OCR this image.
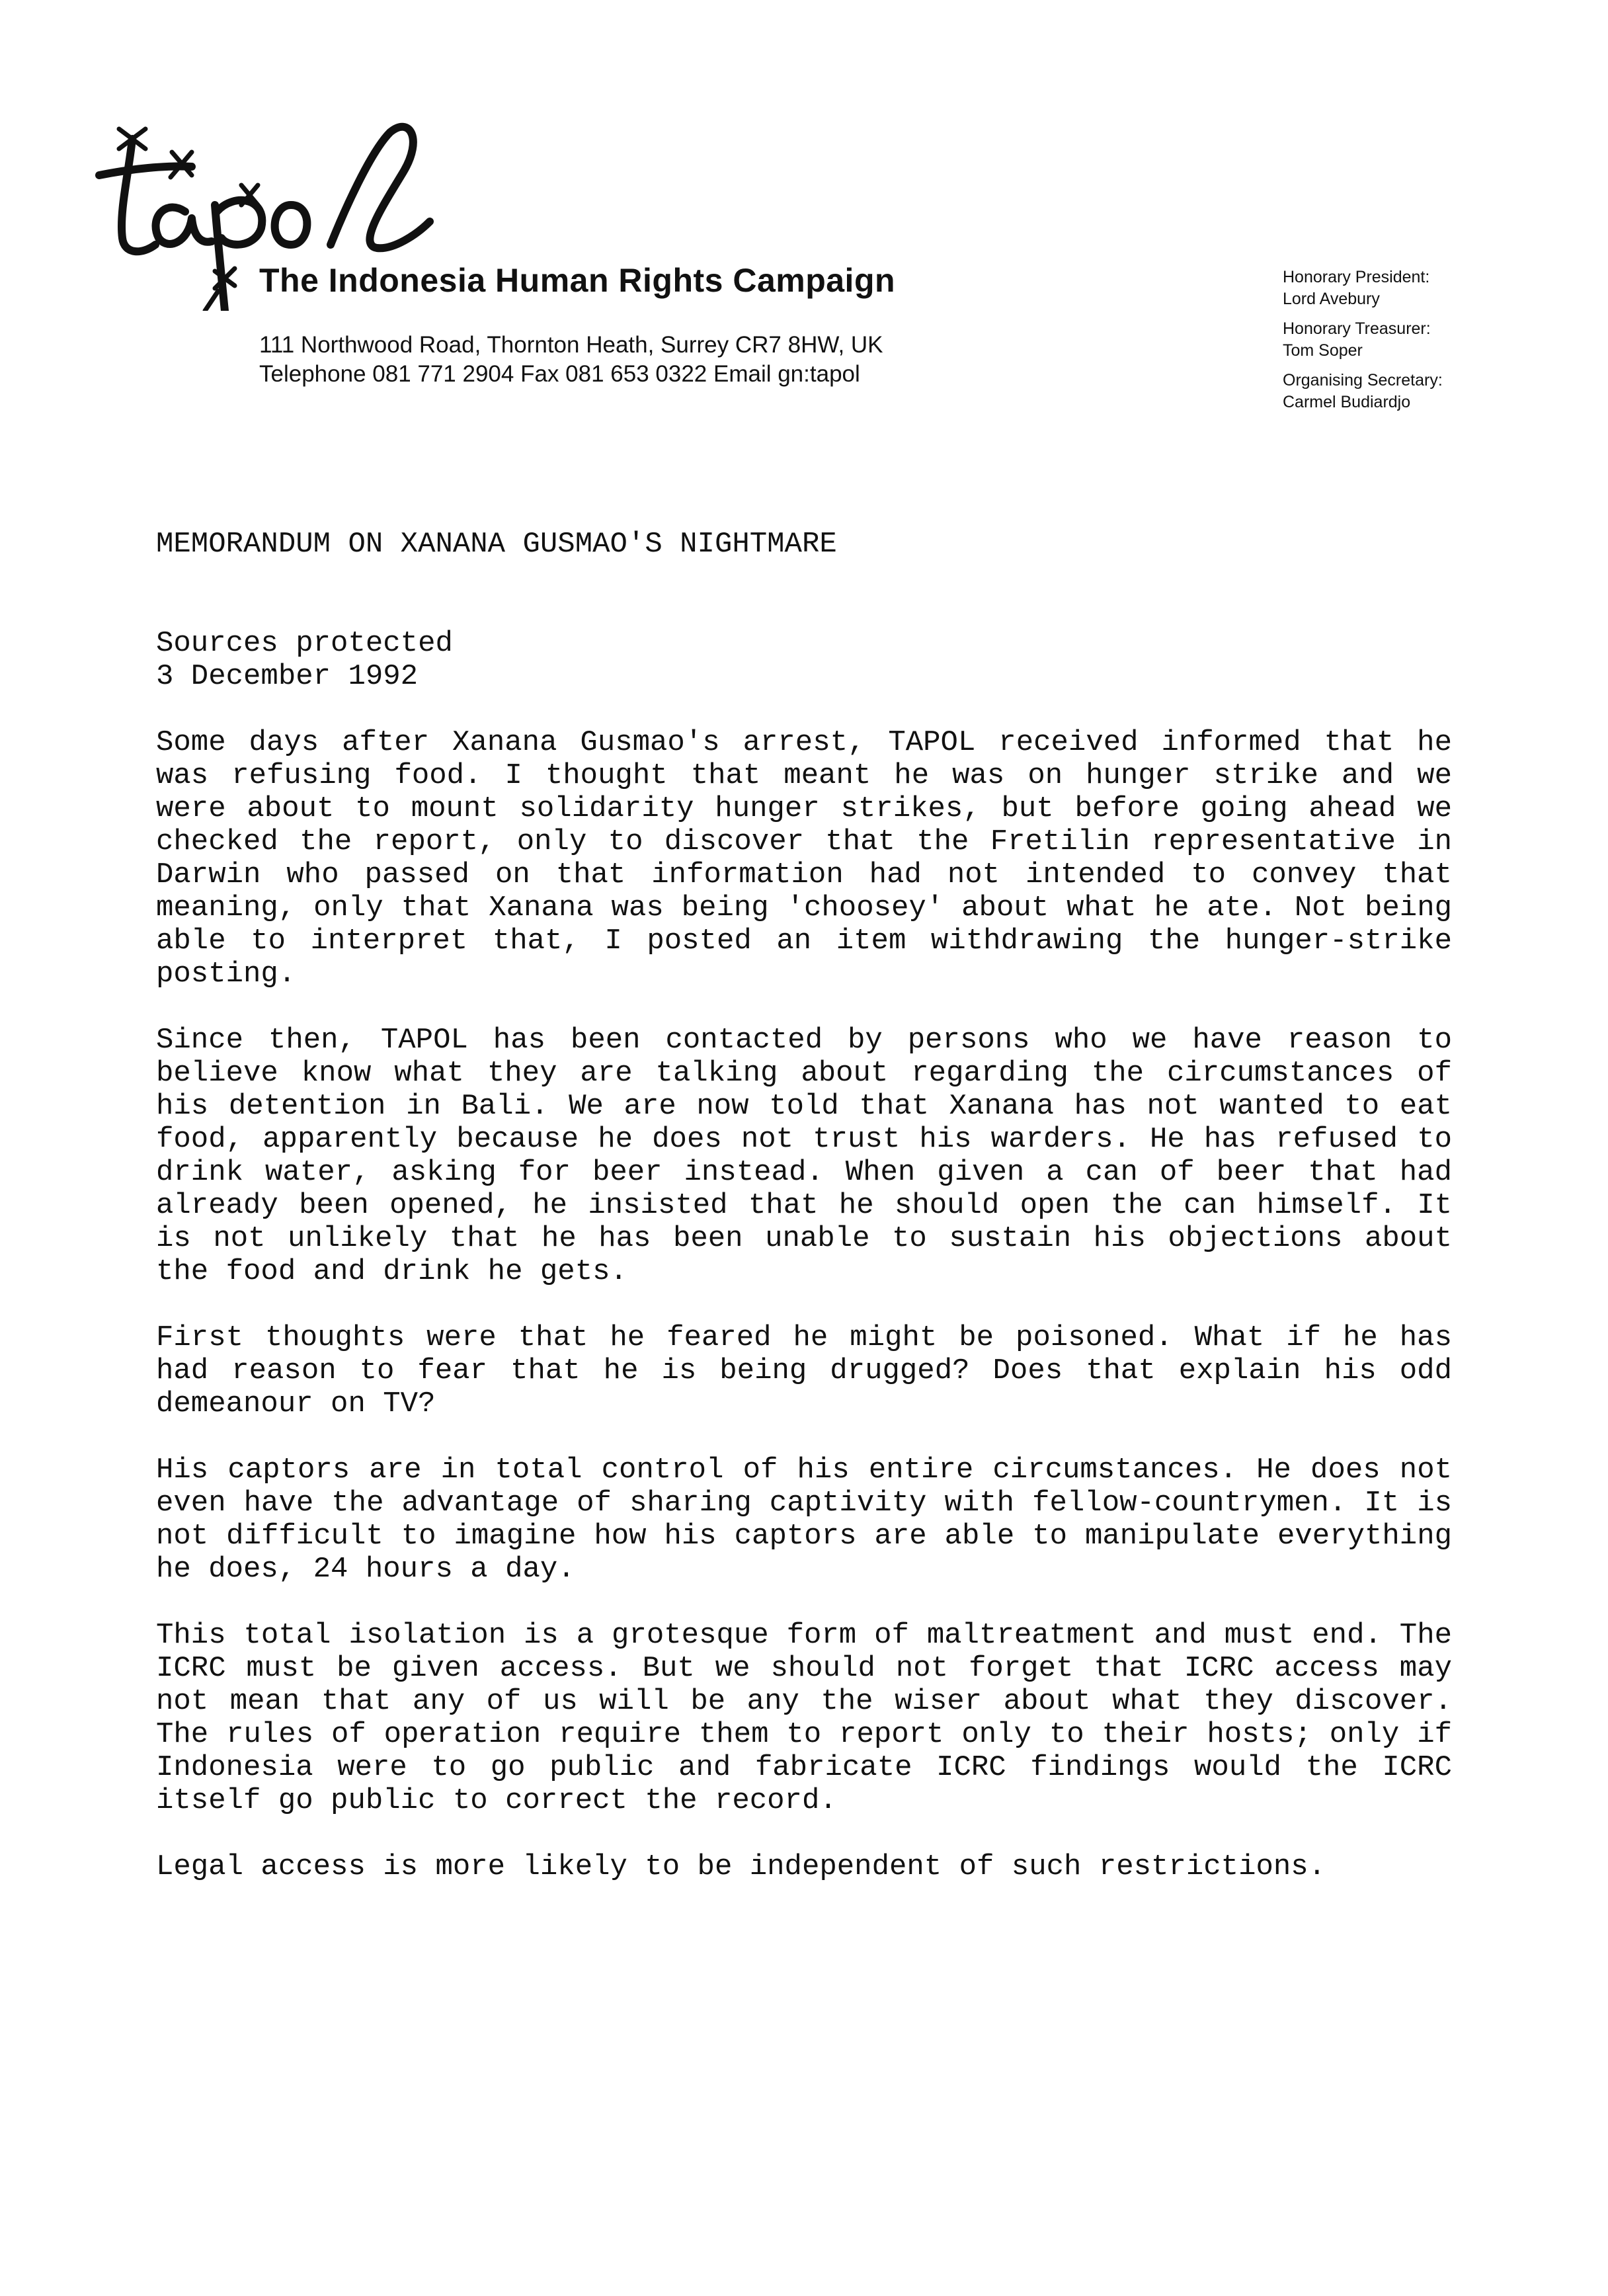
The Indonesia Human Rights Campaign
111 Northwood Road, Thornton Heath, Surrey CR7 8HW, UK
Telephone 081 771 2904 Fax 081 653 0322 Email gn:tapol
Honorary President:
Lord Avebury
Honorary Treasurer:
Tom Soper
Organising Secretary:
Carmel Budiardjo
MEMORANDUM ON XANANA GUSMAO'S NIGHTMARE
Sources protected
3 December 1992

Some days after Xanana Gusmao's arrest, TAPOL received informed that he was refusing food. I thought that meant he was on hunger strike and we were about to mount solidarity hunger strikes, but before going ahead we checked the report, only to discover that the Fretilin representative in Darwin who passed on that information had not intended to convey that meaning, only that Xanana was being 'choosey' about what he ate. Not being able to interpret that, I posted an item withdrawing the hunger-strike posting.

Since then, TAPOL has been contacted by persons who we have reason to believe know what they are talking about regarding the circumstances of his detention in Bali. We are now told that Xanana has not wanted to eat food, apparently because he does not trust his warders. He has refused to drink water, asking for beer instead. When given a can of beer that had already been opened, he insisted that he should open the can himself. It is not unlikely that he has been unable to sustain his objections about the food and drink he gets.

First thoughts were that he feared he might be poisoned. What if he has had reason to fear that he is being drugged? Does that explain his odd demeanour on TV?

His captors are in total control of his entire circumstances. He does not even have the advantage of sharing captivity with fellow-countrymen. It is not difficult to imagine how his captors are able to manipulate everything he does, 24 hours a day.

This total isolation is a grotesque form of maltreatment and must end. The ICRC must be given access. But we should not forget that ICRC access may not mean that any of us will be any the wiser about what they discover. The rules of operation require them to report only to their hosts; only if Indonesia were to go public and fabricate ICRC findings would the ICRC itself go public to correct the record.

Legal access is more likely to be independent of such restrictions.
